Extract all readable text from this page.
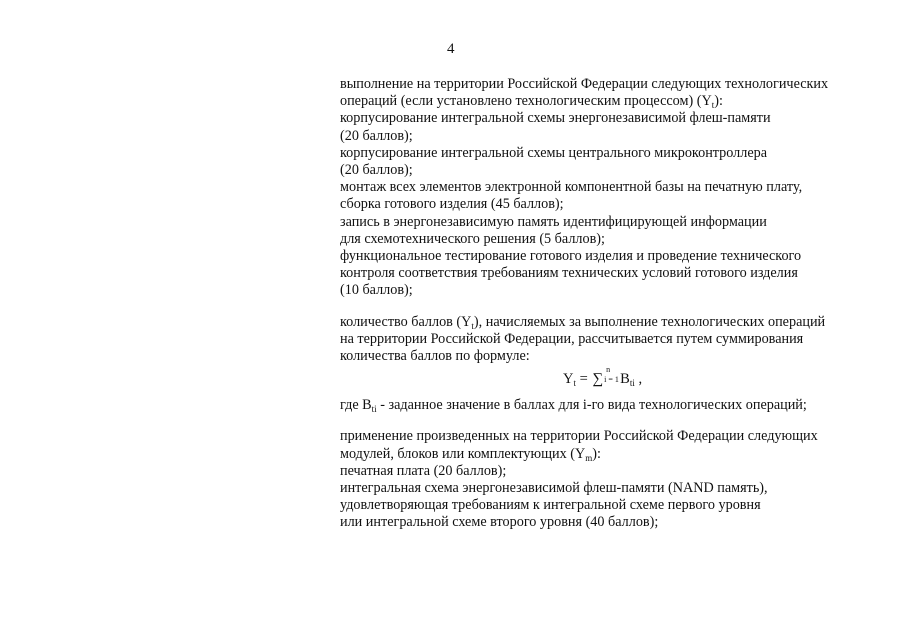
4
выполнение на территории Российской Федерации следующих технологических
операций (если установлено технологическим процессом) $(Y_t)$:
корпусирование интегральной схемы энергонезависимой флеш-памяти
(20 баллов);
корпусирование интегральной схемы центрального микроконтроллера
(20 баллов);
монтаж всех элементов электронной компонентной базы на печатную плату,
сборка готового изделия (45 баллов);
запись в энергонезависимую память идентифицирующей информации
для схемотехнического решения (5 баллов);
функциональное тестирование готового изделия и проведение технического
контроля соответствия требованиям технических условий готового изделия
(10 баллов);
количество баллов $(Y_t)$, начисляемых за выполнение технологических операций
на территории Российской Федерации, рассчитывается путем суммирования
количества баллов по формуле:
$Y_t$ = ∑
n
i = 1 $B_{ti}$ ,
где $B_{ti}$ - заданное значение в баллах для i-го вида технологических операций;
применение произведенных на территории Российской Федерации следующих
модулей, блоков или комплектующих $(Y_m)$:
печатная плата (20 баллов);
интегральная схема энергонезависимой флеш-памяти (NAND память),
удовлетворяющая требованиям к интегральной схеме первого уровня
или интегральной схеме второго уровня (40 баллов);
